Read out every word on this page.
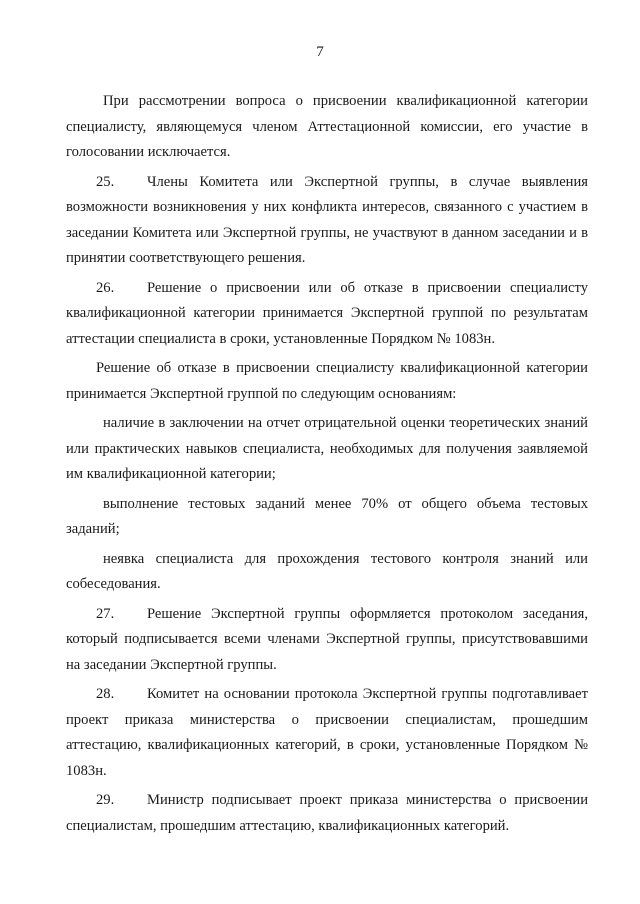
7

При рассмотрении вопроса о присвоении квалификационной категории специалисту, являющемуся членом Аттестационной комиссии, его участие в голосовании исключается.

25. Члены Комитета или Экспертной группы, в случае выявления возможности возникновения у них конфликта интересов, связанного с участием в заседании Комитета или Экспертной группы, не участвуют в данном заседании и в принятии соответствующего решения.

26. Решение о присвоении или об отказе в присвоении специалисту квалификационной категории принимается Экспертной группой по результатам аттестации специалиста в сроки, установленные Порядком № 1083н.

Решение об отказе в присвоении специалисту квалификационной категории принимается Экспертной группой по следующим основаниям:

наличие в заключении на отчет отрицательной оценки теоретических знаний или практических навыков специалиста, необходимых для получения заявляемой им квалификационной категории;

выполнение тестовых заданий менее 70% от общего объема тестовых заданий;

неявка специалиста для прохождения тестового контроля знаний или собеседования.

27. Решение Экспертной группы оформляется протоколом заседания, который подписывается всеми членами Экспертной группы, присутствовавшими на заседании Экспертной группы.

28. Комитет на основании протокола Экспертной группы подготавливает проект приказа министерства о присвоении специалистам, прошедшим аттестацию, квалификационных категорий, в сроки, установленные Порядком № 1083н.

29. Министр подписывает проект приказа министерства о присвоении специалистам, прошедшим аттестацию, квалификационных категорий.
